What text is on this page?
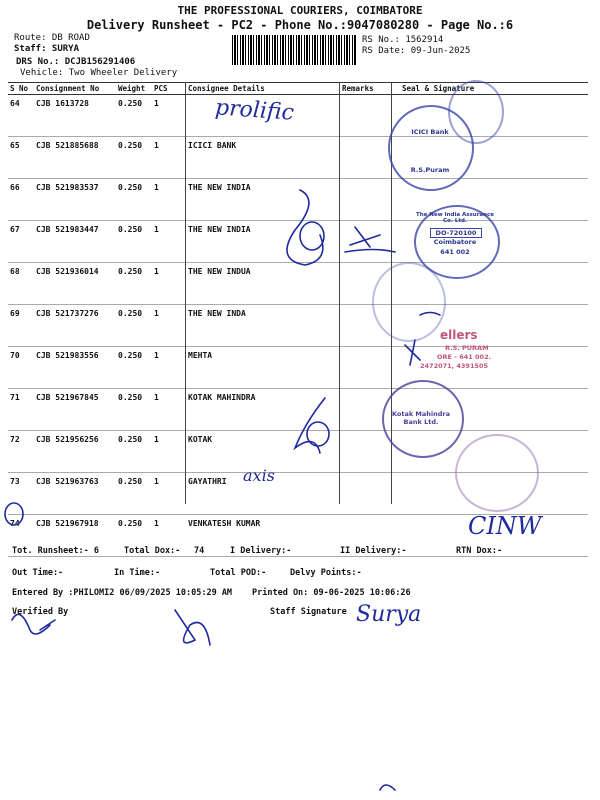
THE PROFESSIONAL COURIERS, COIMBATORE
Delivery Runsheet - PC2 - Phone No.:9047080280 - Page No.:6
Route: DB ROAD
Staff: SURYA
DRS No.: DCJB156291406
Vehicle: Two Wheeler Delivery
RS No.: 1562914
RS Date: 09-Jun-2025
S No	Consignment No	Weight	PCS	Consignee Details	Remarks	Seal & Signature
64	CJB 1613728	0.250	1			
65	CJB 521885688	0.250	1	ICICI BANK		
66	CJB 521983537	0.250	1	THE NEW INDIA		
67	CJB 521983447	0.250	1	THE NEW INDIA		
68	CJB 521936014	0.250	1	THE NEW INDUA		
69	CJB 521737276	0.250	1	THE NEW INDA		
70	CJB 521983556	0.250	1	MEHTA		
71	CJB 521967845	0.250	1	KOTAK MAHINDRA		
72	CJB 521956256	0.250	1	KOTAK		
73	CJB 521963763	0.250	1	GAYATHRI		
74	CJB 521967918	0.250	1	VENKATESH KUMAR		
prolific
axis
CINW
Surya
ICICI Bank
R.S.Puram
The New India Assurance Co. Ltd.
DO-720100
Coimbatore
641 002
ellers
R.S. PURAM
ORE - 641 002.
2472071, 4391505
Kotak Mahindra Bank Ltd.
Tot. Runsheet:- 6	Total Dox:- 74	I Delivery:-	II Delivery:-	RTN Dox:-
Out Time:-	In Time:-	Total POD:-	Delvy Points:-
Entered By :PHILOMI2 06/09/2025 10:05:29 AM Printed On: 09-06-2025 10:06:26
Verified By	Staff Signature
